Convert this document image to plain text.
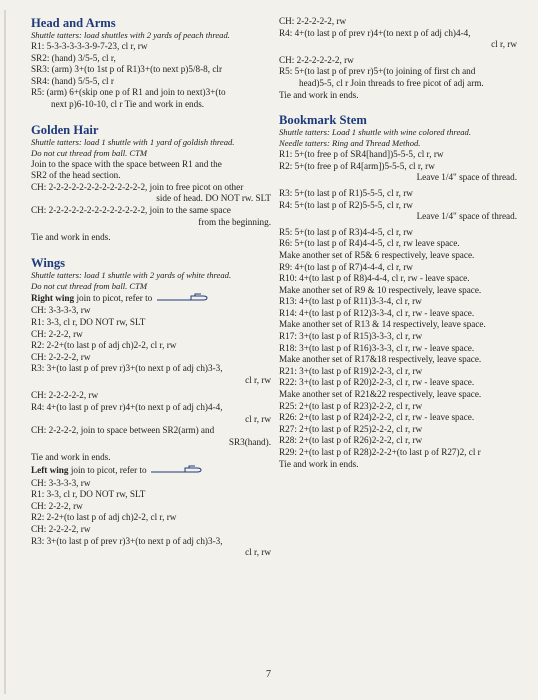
Head and Arms
Shuttle tatters: load shuttles with 2 yards of peach thread.
R1: 5-3-3-3-3-3-9-7-23, cl r, rw
SR2: (hand) 3/5-5, cl r,
SR3: (arm) 3+(to 1st p of R1)3+(to next p)5/8-8, clr
SR4: (hand) 5/5-5, cl r
R5: (arm) 6+(skip one p of R1 and join to next)3+(to
next p)6-10-10, cl r Tie and work in ends.
Golden Hair
Shuttle tatters: load 1 shuttle with 1 yard of goldish thread.
Do not cut thread from ball. CTM
Join to the space with the space between R1 and the
SR2 of the head section.
CH: 2-2-2-2-2-2-2-2-2-2-2-2-2, join to free picot on other
side of head. DO NOT rw. SLT
CH: 2-2-2-2-2-2-2-2-2-2-2-2-2, join to the same space
from the beginning.
Tie and work in ends.
Wings
Shuttle tatters: load 1 shuttle with 2 yards of white thread.
Do not cut thread from ball. CTM
Right wing join to picot, refer to
CH: 3-3-3-3, rw
R1: 3-3, cl r, DO NOT rw, SLT
CH: 2-2-2, rw
R2: 2-2+(to last p of adj ch)2-2, cl r, rw
CH: 2-2-2-2, rw
R3: 3+(to last p of prev r)3+(to next p of adj ch)3-3,
cl r, rw
CH: 2-2-2-2-2, rw
R4: 4+(to last p of prev r)4+(to next p of adj ch)4-4,
cl r, rw
CH: 2-2-2-2, join to space between SR2(arm) and
SR3(hand).
Tie and work in ends.
Left wing join to picot, refer to
CH: 3-3-3-3, rw
R1: 3-3, cl r, DO NOT rw, SLT
CH: 2-2-2, rw
R2: 2-2+(to last p of adj ch)2-2, cl r, rw
CH: 2-2-2-2, rw
R3: 3+(to last p of prev r)3+(to next p of adj ch)3-3,
cl r, rw
CH: 2-2-2-2-2, rw
R4: 4+(to last p of prev r)4+(to next p of adj ch)4-4,
cl r, rw
CH: 2-2-2-2-2-2, rw
R5: 5+(to last p of prev r)5+(to joining of first ch and
head)5-5, cl r Join threads to free picot of adj arm.
Tie and work in ends.
Bookmark Stem
Shuttle tatters: Load 1 shuttle with wine colored thread.
Needle tatters: Ring and Thread Method.
R1: 5+(to free p of SR4[hand])5-5-5, cl r, rw
R2: 5+(to free p of R4[arm])5-5-5, cl r, rw
Leave 1/4" space of thread.
R3: 5+(to last p of R1)5-5-5, cl r, rw
R4: 5+(to last p of R2)5-5-5, cl r, rw
Leave 1/4" space of thread.
R5: 5+(to last p of R3)4-4-5, cl r, rw
R6: 5+(to last p of R4)4-4-5, cl r, rw leave space.
Make another set of R5& 6 respectively, leave space.
R9: 4+(to last p of R7)4-4-4, cl r, rw
R10: 4+(to last p of R8)4-4-4, cl r, rw - leave space.
Make another set of R9 & 10 respectively, leave space.
R13: 4+(to last p of R11)3-3-4, cl r, rw
R14: 4+(to last p of R12)3-3-4, cl r, rw - leave space.
Make another set of R13 & 14 respectively, leave space.
R17: 3+(to last p of R15)3-3-3, cl r, rw
R18: 3+(to last p of R16)3-3-3, cl r, rw - leave space.
Make another set of R17&18 respectively, leave space.
R21: 3+(to last p of R19)2-2-3, cl r, rw
R22: 3+(to last p of R20)2-2-3, cl r, rw - leave space.
Make another set of R21&22 respectively, leave space.
R25: 2+(to last p of R23)2-2-2, cl r, rw
R26: 2+(to last p of R24)2-2-2, cl r, rw - leave space.
R27: 2+(to last p of R25)2-2-2, cl r, rw
R28: 2+(to last p of R26)2-2-2, cl r, rw
R29: 2+(to last p of R28)2-2-2+(to last p of R27)2, cl r
Tie and work in ends.
7
